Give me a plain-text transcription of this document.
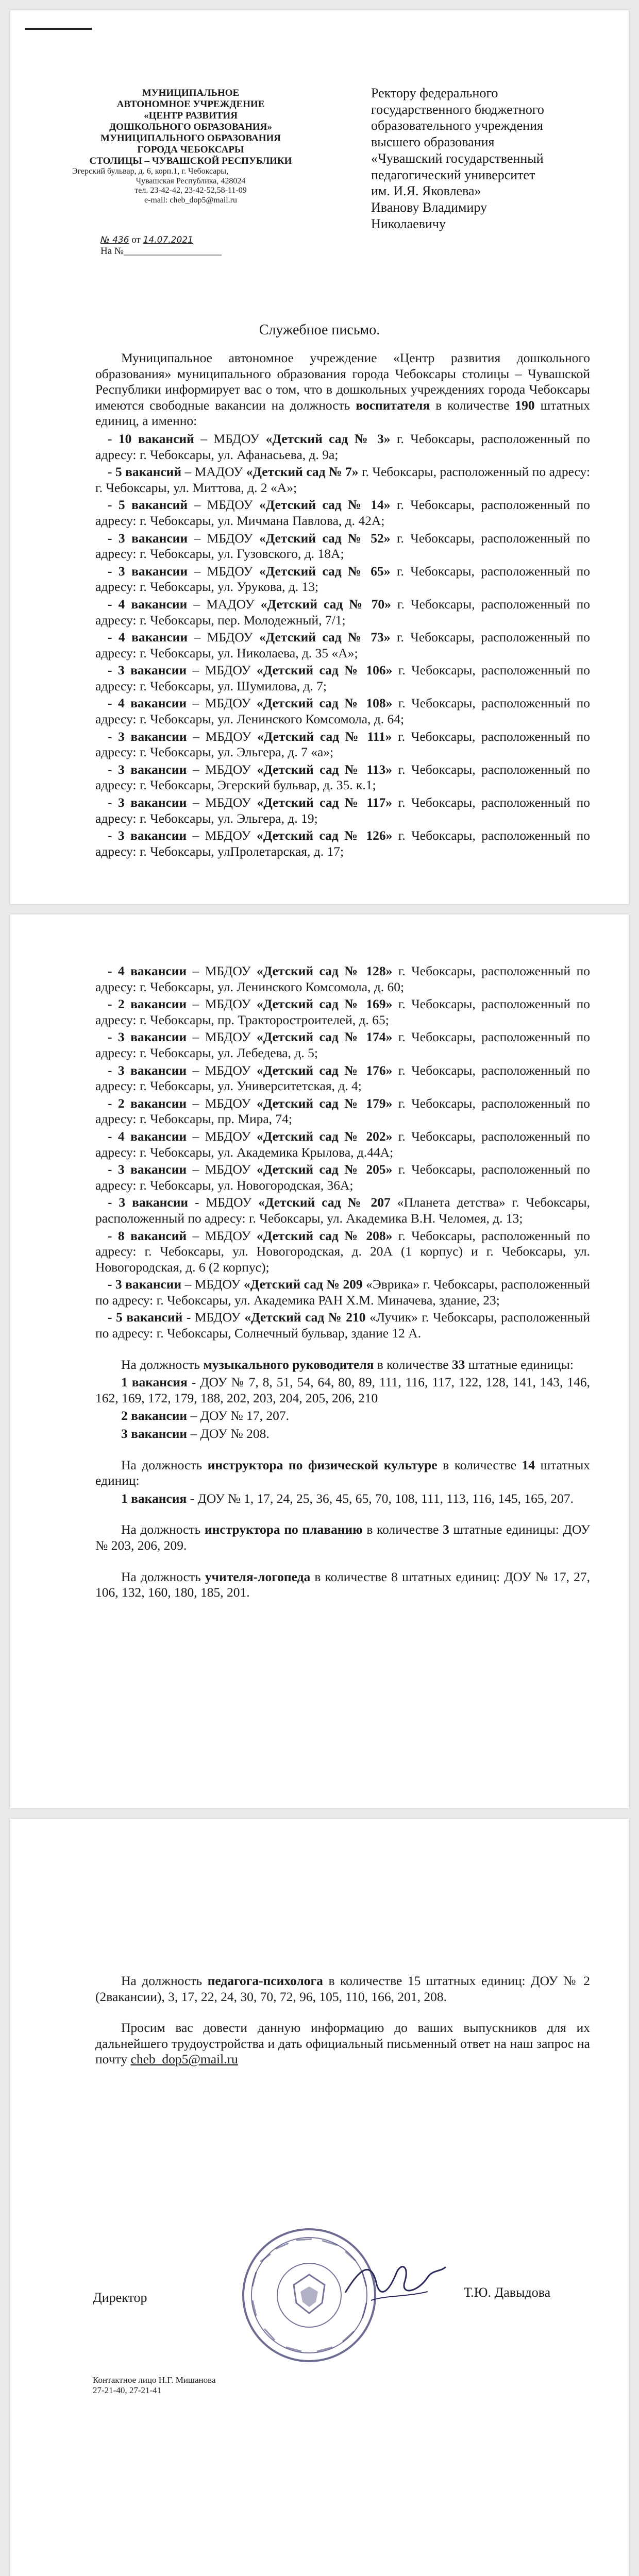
МУНИЦИПАЛЬНОЕ
АВТОНОМНОЕ УЧРЕЖДЕНИЕ
«ЦЕНТР РАЗВИТИЯ
ДОШКОЛЬНОГО ОБРАЗОВАНИЯ»
МУНИЦИПАЛЬНОГО ОБРАЗОВАНИЯ
ГОРОДА ЧЕБОКСАРЫ
СТОЛИЦЫ – ЧУВАШСКОЙ РЕСПУБЛИКИ
Эгерский бульвар, д. 6, корп.1, г. Чебоксары,
Чувашская Республика, 428024
тел. 23-42-42, 23-42-52,58-11-09
e-mail: cheb_dop5@mail.ru
№ 436 от 14.07.2021
На №____________________
Ректору федерального
государственного бюджетного
образовательного учреждения
высшего образования
«Чувашский государственный
педагогический университет
им. И.Я. Яковлева»
Иванову Владимиру
Николаевичу
Служебное письмо.

Муниципальное автономное учреждение «Центр развития дошкольного образования» муниципального образования города Чебоксары столицы – Чувашской Республики информирует вас о том, что в дошкольных учреждениях города Чебоксары имеются свободные вакансии на должность воспитателя в количестве 190 штатных единиц, а именно:

- 10 вакансий – МБДОУ «Детский сад № 3» г. Чебоксары, расположенный по адресу: г. Чебоксары, ул. Афанасьева, д. 9а;
- 5 вакансий – МАДОУ «Детский сад № 7» г. Чебоксары, расположенный по адресу: г. Чебоксары, ул. Миттова, д. 2 «А»;
- 5 вакансий – МБДОУ «Детский сад № 14» г. Чебоксары, расположенный по адресу: г. Чебоксары, ул. Мичмана Павлова, д. 42А;
- 3 вакансии – МБДОУ «Детский сад № 52» г. Чебоксары, расположенный по адресу: г. Чебоксары, ул. Гузовского, д. 18А;
- 3 вакансии – МБДОУ «Детский сад № 65» г. Чебоксары, расположенный по адресу: г. Чебоксары, ул. Урукова, д. 13;
- 4 вакансии – МАДОУ «Детский сад № 70» г. Чебоксары, расположенный по адресу: г. Чебоксары, пер. Молодежный, 7/1;
- 4 вакансии – МБДОУ «Детский сад № 73» г. Чебоксары, расположенный по адресу: г. Чебоксары, ул. Николаева, д. 35 «А»;
- 3 вакансии – МБДОУ «Детский сад № 106» г. Чебоксары, расположенный по адресу: г. Чебоксары, ул. Шумилова, д. 7;
- 4 вакансии – МБДОУ «Детский сад № 108» г. Чебоксары, расположенный по адресу: г. Чебоксары, ул. Ленинского Комсомола, д. 64;
- 3 вакансии – МБДОУ «Детский сад № 111» г. Чебоксары, расположенный по адресу: г. Чебоксары, ул. Эльгера, д. 7 «а»;
- 3 вакансии – МБДОУ «Детский сад № 113» г. Чебоксары, расположенный по адресу: г. Чебоксары, Эгерский бульвар, д. 35. к.1;
- 3 вакансии – МБДОУ «Детский сад № 117» г. Чебоксары, расположенный по адресу: г. Чебоксары, ул. Эльгера, д. 19;
- 3 вакансии – МБДОУ «Детский сад № 126» г. Чебоксары, расположенный по адресу: г. Чебоксары, улПролетарская, д. 17;
- 4 вакансии – МБДОУ «Детский сад № 128» г. Чебоксары, расположенный по адресу: г. Чебоксары, ул. Ленинского Комсомола, д. 60;
- 2 вакансии – МБДОУ «Детский сад № 169» г. Чебоксары, расположенный по адресу: г. Чебоксары, пр. Тракторостроителей, д. 65;
- 3 вакансии – МБДОУ «Детский сад № 174» г. Чебоксары, расположенный по адресу: г. Чебоксары, ул. Лебедева, д. 5;
- 3 вакансии – МБДОУ «Детский сад № 176» г. Чебоксары, расположенный по адресу: г. Чебоксары, ул. Университетская, д. 4;
- 2 вакансии – МБДОУ «Детский сад № 179» г. Чебоксары, расположенный по адресу: г. Чебоксары, пр. Мира, 74;
- 4 вакансии – МБДОУ «Детский сад № 202» г. Чебоксары, расположенный по адресу: г. Чебоксары, ул. Академика Крылова, д.44А;
- 3 вакансии – МБДОУ «Детский сад № 205» г. Чебоксары, расположенный по адресу: г. Чебоксары, ул. Новогородская, 36А;
- 3 вакансии - МБДОУ «Детский сад № 207 «Планета детства» г. Чебоксары, расположенный по адресу: г. Чебоксары, ул. Академика В.Н. Челомея, д. 13;
- 8 вакансий – МБДОУ «Детский сад № 208» г. Чебоксары, расположенный по адресу: г. Чебоксары, ул. Новогородская, д. 20А (1 корпус) и г. Чебоксары, ул. Новогородская, д. 6 (2 корпус);
- 3 вакансии – МБДОУ «Детский сад № 209 «Эврика» г. Чебоксары, расположенный по адресу: г. Чебоксары, ул. Академика РАН Х.М. Миначева, здание, 23;
- 5 вакансий - МБДОУ «Детский сад № 210 «Лучик» г. Чебоксары, расположенный по адресу: г. Чебоксары, Солнечный бульвар, здание 12 А.

На должность музыкального руководителя в количестве 33 штатные единицы:

1 вакансия - ДОУ № 7, 8, 51, 54, 64, 80, 89, 111, 116, 117, 122, 128, 141, 143, 146, 162, 169, 172, 179, 188, 202, 203, 204, 205, 206, 210

2 вакансии – ДОУ № 17, 207.

3 вакансии – ДОУ № 208.

На должность инструктора по физической культуре в количестве 14 штатных единиц:

1 вакансия - ДОУ № 1, 17, 24, 25, 36, 45, 65, 70, 108, 111, 113, 116, 145, 165, 207.

На должность инструктора по плаванию в количестве 3 штатные единицы: ДОУ № 203, 206, 209.

На должность учителя-логопеда в количестве 8 штатных единиц: ДОУ № 17, 27, 106, 132, 160, 180, 185, 201.

На должность педагога-психолога в количестве 15 штатных единиц: ДОУ № 2 (2вакансии), 3, 17, 22, 24, 30, 70, 72, 96, 105, 110, 166, 201, 208.

Просим вас довести данную информацию до ваших выпускников для их дальнейшего трудоустройства и дать официальный письменный ответ на наш запрос на почту cheb_dop5@mail.ru

Директор	Т.Ю. Давыдова
Контактное лицо Н.Г. Мишанова
27-21-40, 27-21-41
